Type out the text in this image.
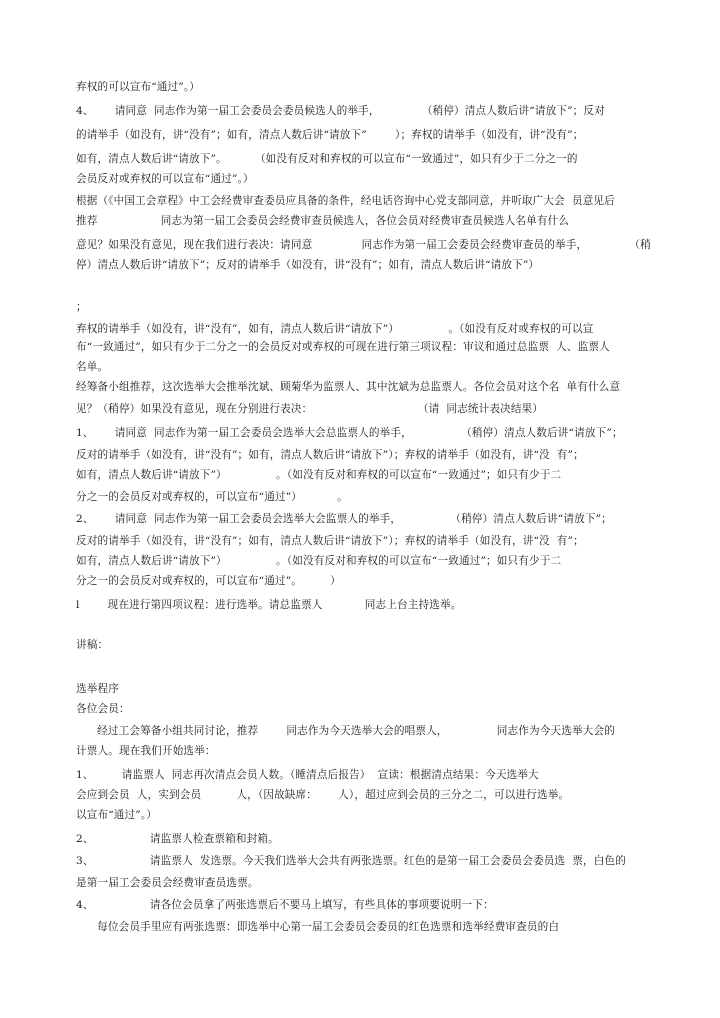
弃权的可以宣布“通过”。）
4、      请同意  同志作为第一届工会委员会委员候选人的举手，            （稍停）清点人数后讲“请放下”；反对
的请举手（如没有，讲“没有”；如有，清点人数后讲“请放下”        ）；弃权的请举手（如没有，讲“没有”；
如有，清点人数后讲“请放下”。        （如没有反对和弃权的可以宣布“一致通过”，如只有少于二分之一的
会员反对或弃权的可以宣布“通过”。）
根据（《中国工会章程》中工会经费审查委员应具备的条件，经电话咨询中心党支部同意，并听取广大会  员意见后
推荐                  同志为第一届工会委员会经费审查员候选人，各位会员对经费审查员候选人名单有什么
意见？如果没有意见，现在我们进行表决：请同意              同志作为第一届工会委员会经费审查员的举手，            （稍
停）清点人数后讲“请放下”；反对的请举手（如没有，讲“没有”；如有，清点人数后讲“请放下”）
；
弃权的请举手（如没有，讲“没有”，如有，清点人数后讲“请放下”）              。（如没有反对或弃权的可以宣
布“一致通过”，如只有少于二分之一的会员反对或弃权的可现在进行第三项议程：审议和通过总监票  人、监票人
名单。
经筹备小组推荐，这次选举大会推举沈斌、顾菊华为监票人、其中沈斌为总监票人。各位会员对这个名  单有什么意
见？（稍停）如果没有意见，现在分别进行表决：                              （请  同志统计表决结果）
1、      请同意  同志作为第一届工会委员会选举大会总监票人的举手，              （稍停）清点人数后讲“请放下”；
反对的请举手（如没有，讲“没有”；如有，清点人数后讲“请放下”）；弃权的请举手（如没有，讲“没  有”；
如有，清点人数后讲“请放下”）              。（如没有反对和弃权的可以宣布“一致通过”；如只有少于二
分之一的会员反对或弃权的，可以宣布“通过”）          。
2、      请同意  同志作为第一届工会委员会选举大会监票人的举手，              （稍停）清点人数后讲“请放下”；
反对的请举手（如没有，讲“没有”；如有，清点人数后讲“请放下”）；弃权的请举手（如没有，讲“没  有”；
如有，清点人数后讲“请放下”）              。（如没有反对和弃权的可以宣布“一致通过”；如只有少于二
分之一的会员反对或弃权的，可以宣布“通过”。        ）
l        现在进行第四项议程：进行选举。请总监票人            同志上台主持选举。
讲稿：
选举程序
各位会员：
经过工会筹备小组共同讨论，推荐        同志作为今天选举大会的唱票人，              同志作为今天选举大会的
计票人。现在我们开始选举：
1、        请监票人  同志再次清点会员人数。（睡清点后报告）  宣读：根据清点结果：今天选举大
会应到会员  人，实到会员          人，（因故缺席：      人），超过应到会员的三分之二，可以进行选举。
以宣布“通过”。）
2、                请监票人检查票箱和封箱。
3、                请监票人  发选票。今天我们选举大会共有两张选票。红色的是第一届工会委员会委员选  票，白色的
是第一届工会委员会经费审查员选票。
4、                请各位会员拿了两张选票后不要马上填写，有些具体的事项要说明一下：
每位会员手里应有两张选票：即选举中心第一届工会委员会委员的红色选票和选举经费审查员的白
